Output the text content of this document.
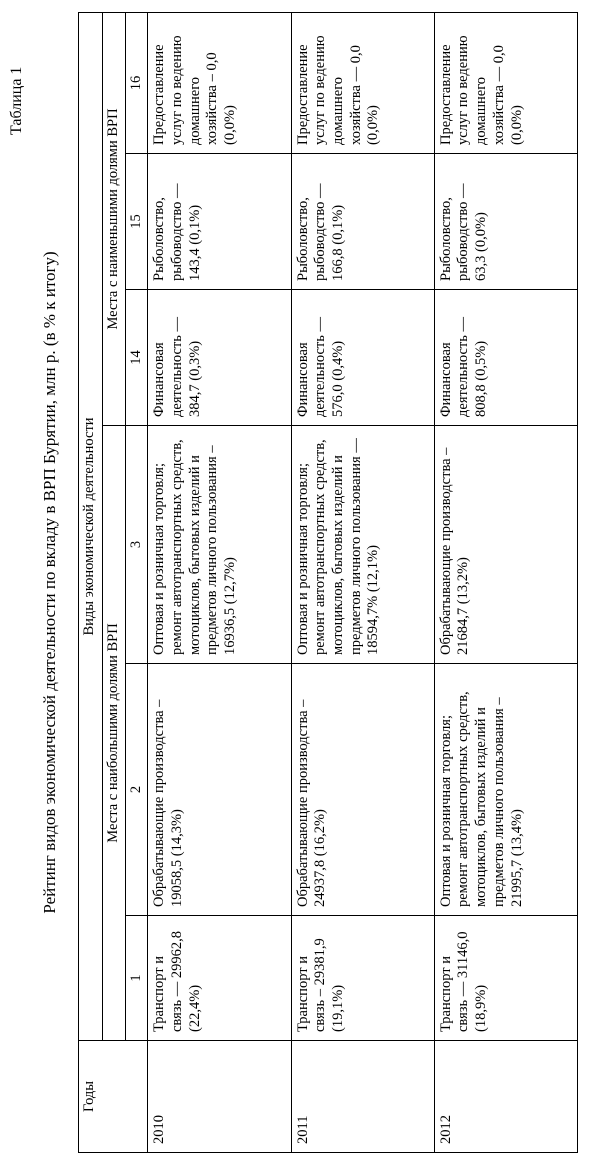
Таблица 1
Рейтинг видов экономической деятельности по вкладу в ВРП Бурятии, млн р. (в % к итогу)
Годы	Виды экономической деятельности					
	Места с наибольшими долями ВРП			Места с наименьшими долями ВРП		
	1	2	3	14	15	16
2010	Транспорт и связь — 29962,8 (22,4%)	Обрабатывающие производства –19058,5 (14,3%)	Оптовая и розничная торговля; ремонт автотранспортных средств, мотоциклов, бытовых изделий и предметов личного пользования –16936,5 (12,7%)	Финансовая деятельность — 384,7 (0,3%)	Рыболовство, рыбоводство — 143,4 (0,1%)	Предоставление услуг по ведению домашнего хозяйства – 0,0 (0,0%)
2011	Транспорт и связь – 29381,9 (19,1%)	Обрабатывающие производства – 24937,8 (16,2%)	Оптовая и розничная торговля; ремонт автотранспортных средств, мотоциклов, бытовых изделий и предметов личного пользования — 18594,7% (12,1%)	Финансовая деятельность — 576,0 (0,4%)	Рыболовство, рыбоводство — 166,8 (0,1%)	Предоставление услуг по ведению домашнего хозяйства — 0,0 (0,0%)
2012	Транспорт и связь — 31146,0 (18,9%)	Оптовая и розничная торговля; ремонт автотранспортных средств, мотоциклов, бытовых изделий и предметов личного пользования – 21995,7 (13,4%)	Обрабатывающие производства – 21684,7 (13,2%)	Финансовая деятельность — 808,8 (0,5%)	Рыболовство, рыбоводство — 63,3 (0,0%)	Предоставление услуг по ведению домашнего хозяйства — 0,0 (0,0%)
